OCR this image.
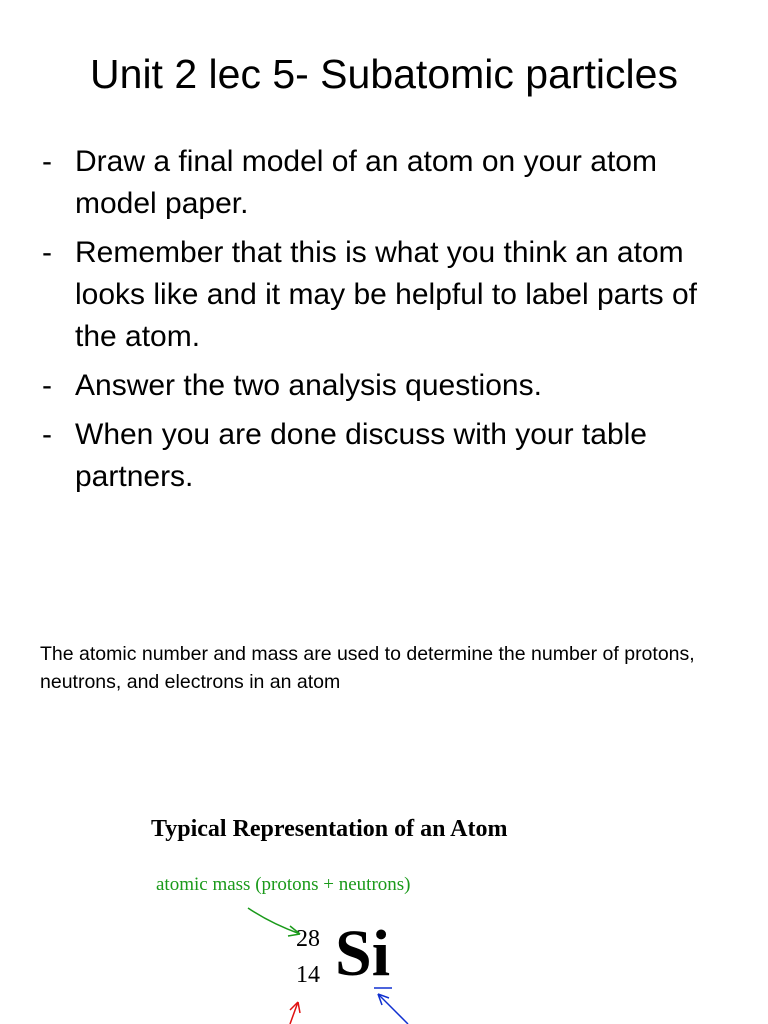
Unit 2 lec 5- Subatomic particles
- Draw a final model of an atom on your atom model paper.
- Remember that this is what you think an atom looks like and it may be helpful to label parts of the atom.
- Answer the two analysis questions.
- When you are done discuss with your table partners.

The atomic number and mass are used to determine the number of protons, neutrons, and electrons in an atom

Typical Representation of an Atom
atomic mass (protons + neutrons)
28
14 Si
